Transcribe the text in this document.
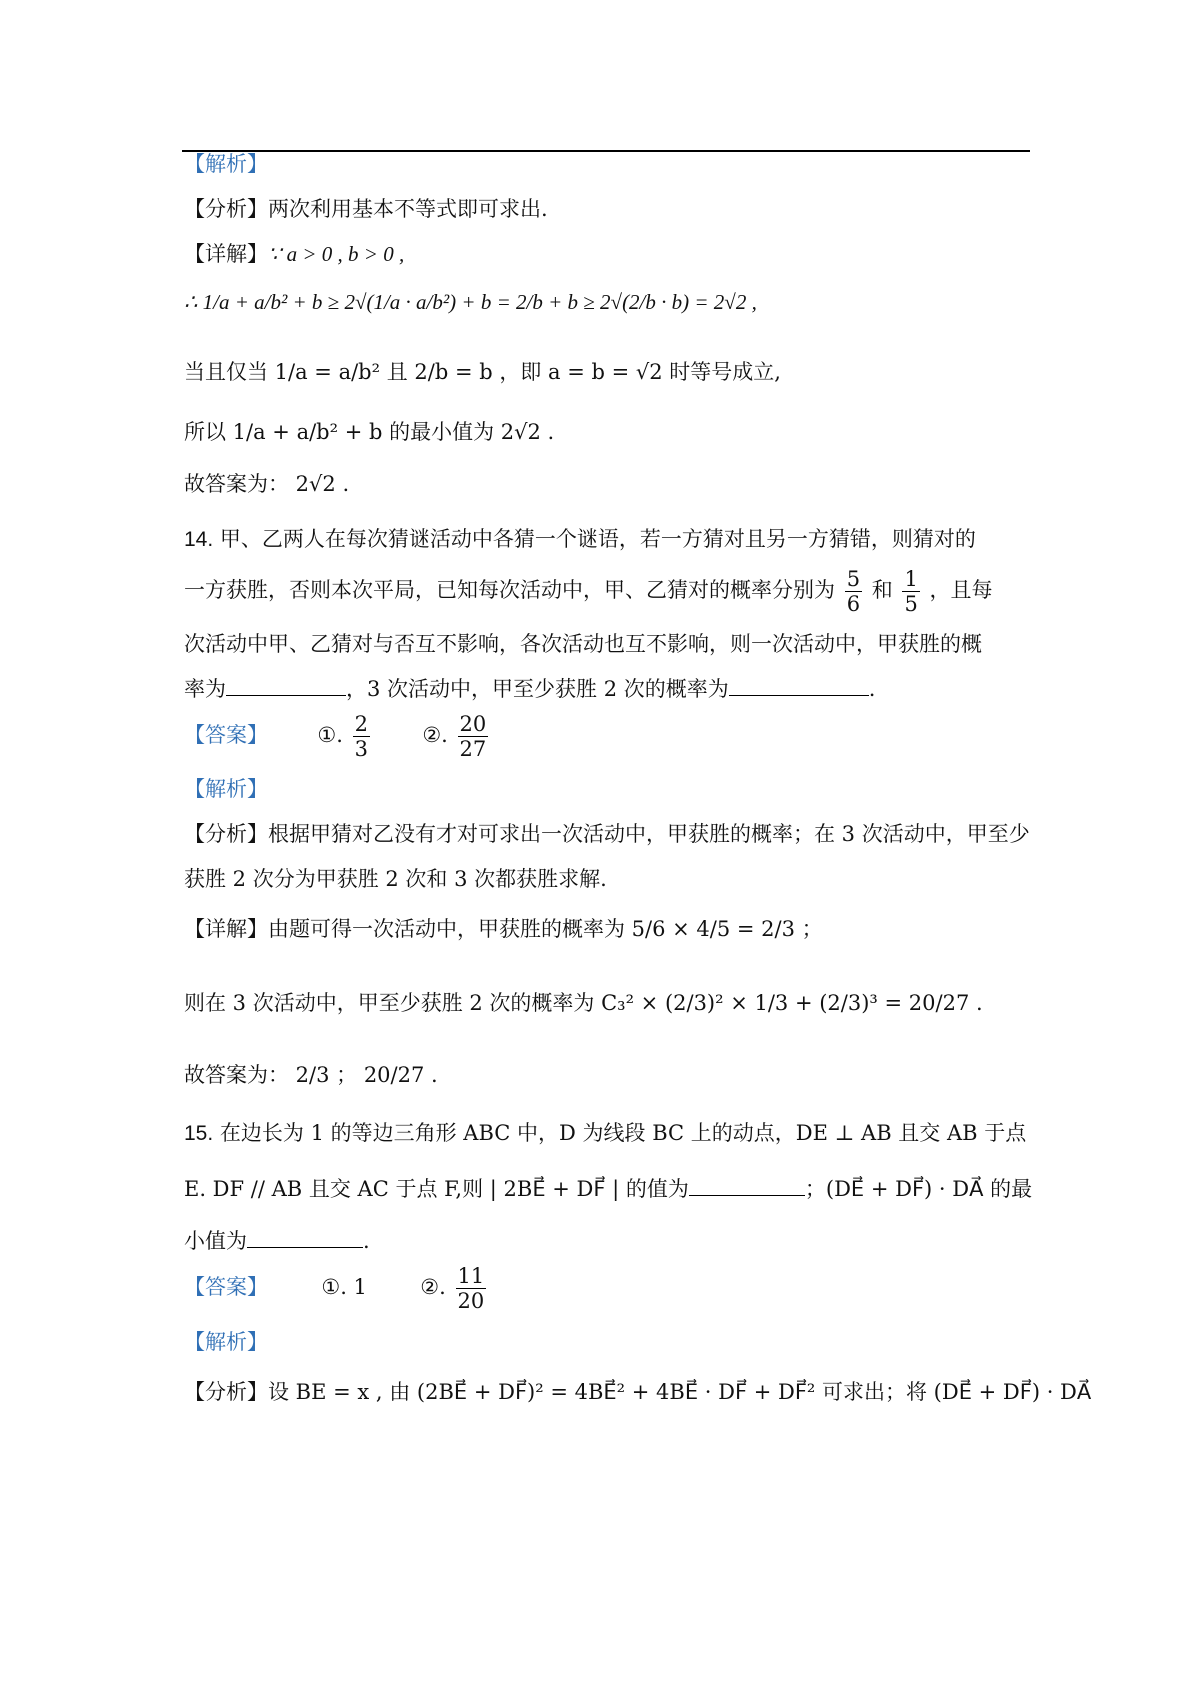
【解析】
【分析】两次利用基本不等式即可求出.
【详解】∵ a > 0 , b > 0 ,
∴ 1/a + a/b² + b ≥ 2√(1/a · a/b²) + b = 2/b + b ≥ 2√(2/b · b) = 2√2 ,
当且仅当 1/a = a/b² 且 2/b = b ，即 a = b = √2 时等号成立,
所以 1/a + a/b² + b 的最小值为 2√2 .
故答案为： 2√2 .
14. 甲、乙两人在每次猜谜活动中各猜一个谜语，若一方猜对且另一方猜错，则猜对的
一方获胜，否则本次平局，已知每次活动中，甲、乙猜对的概率分别为 $\frac{5}{6}$ 和 $\frac{1}{5}$ ，且每
次活动中甲、乙猜对与否互不影响，各次活动也互不影响，则一次活动中，甲获胜的概
率为	，3 次活动中，甲至少获胜 2 次的概率为	.
【答案】 ①. $\frac{2}{3}$ ②. $\frac{20}{27}$
【解析】
【分析】根据甲猜对乙没有才对可求出一次活动中，甲获胜的概率；在 3 次活动中，甲至少
获胜 2 次分为甲获胜 2 次和 3 次都获胜求解.
【详解】由题可得一次活动中，甲获胜的概率为 5/6 × 4/5 = 2/3 ；
则在 3 次活动中，甲至少获胜 2 次的概率为 C₃² × (2/3)² × 1/3 + (2/3)³ = 20/27 .
故答案为： 2/3 ； 20/27 .
15. 在边长为 1 的等边三角形 ABC 中，D 为线段 BC 上的动点，DE ⊥ AB 且交 AB 于点
E. DF // AB 且交 AC 于点 F,则 | 2BE⃗ + DF⃗ | 的值为	；(DE⃗ + DF⃗) · DA⃗ 的最
小值为	.
【答案】	①. 1	②. $\frac{11}{20}$
【解析】
【分析】设 BE = x , 由 (2BE⃗ + DF⃗)² = 4BE⃗² + 4BE⃗ · DF⃗ + DF⃗² 可求出；将 (DE⃗ + DF⃗) · DA⃗
